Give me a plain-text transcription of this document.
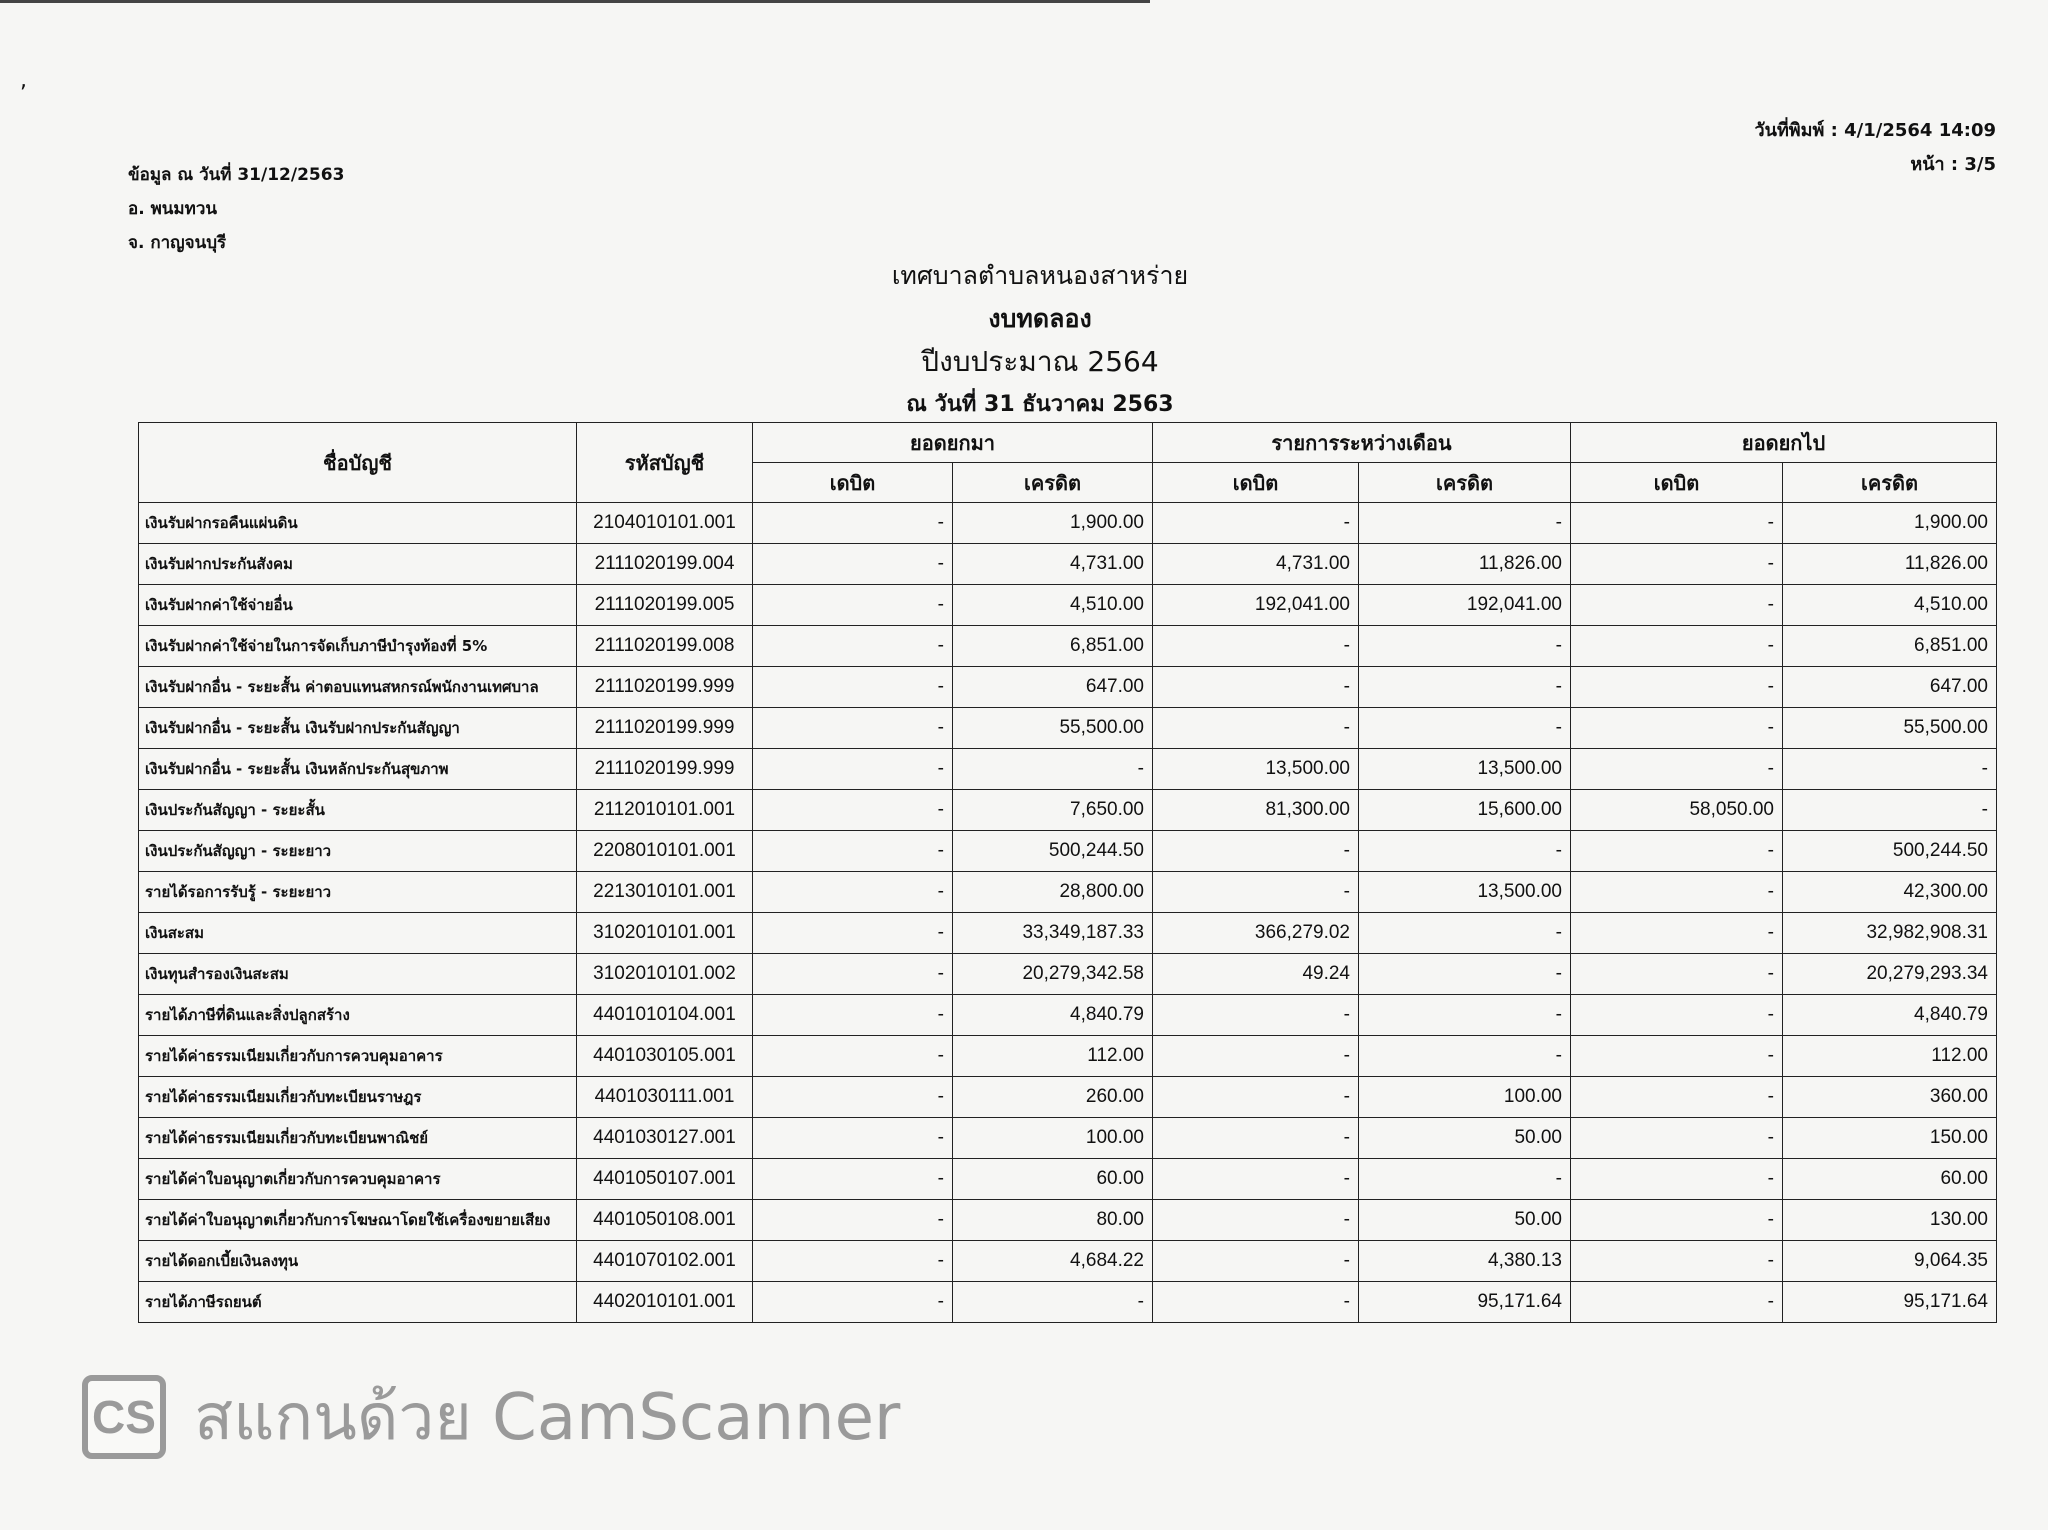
,
ข้อมูล ณ วันที่ 31/12/2563
อ. พนมทวน
จ. กาญจนบุรี
วันที่พิมพ์ : 4/1/2564 14:09
หน้า : 3/5
เทศบาลตำบลหนองสาหร่าย
งบทดลอง
ปีงบประมาณ 2564
ณ วันที่ 31 ธันวาคม 2563
ชื่อบัญชี	รหัสบัญชี	ยอดยกมา		รายการระหว่างเดือน		ยอดยกไป	
		เดบิต	เครดิต	เดบิต	เครดิต	เดบิต	เครดิต
เงินรับฝากรอคืนแผ่นดิน	2104010101.001	-	1,900.00	-	-	-	1,900.00
เงินรับฝากประกันสังคม	2111020199.004	-	4,731.00	4,731.00	11,826.00	-	11,826.00
เงินรับฝากค่าใช้จ่ายอื่น	2111020199.005	-	4,510.00	192,041.00	192,041.00	-	4,510.00
เงินรับฝากค่าใช้จ่ายในการจัดเก็บภาษีบำรุงท้องที่ 5%	2111020199.008	-	6,851.00	-	-	-	6,851.00
เงินรับฝากอื่น - ระยะสั้น ค่าตอบแทนสหกรณ์พนักงานเทศบาล	2111020199.999	-	647.00	-	-	-	647.00
เงินรับฝากอื่น - ระยะสั้น เงินรับฝากประกันสัญญา	2111020199.999	-	55,500.00	-	-	-	55,500.00
เงินรับฝากอื่น - ระยะสั้น เงินหลักประกันสุขภาพ	2111020199.999	-	-	13,500.00	13,500.00	-	-
เงินประกันสัญญา - ระยะสั้น	2112010101.001	-	7,650.00	81,300.00	15,600.00	58,050.00	-
เงินประกันสัญญา - ระยะยาว	2208010101.001	-	500,244.50	-	-	-	500,244.50
รายได้รอการรับรู้ - ระยะยาว	2213010101.001	-	28,800.00	-	13,500.00	-	42,300.00
เงินสะสม	3102010101.001	-	33,349,187.33	366,279.02	-	-	32,982,908.31
เงินทุนสำรองเงินสะสม	3102010101.002	-	20,279,342.58	49.24	-	-	20,279,293.34
รายได้ภาษีที่ดินและสิ่งปลูกสร้าง	4401010104.001	-	4,840.79	-	-	-	4,840.79
รายได้ค่าธรรมเนียมเกี่ยวกับการควบคุมอาคาร	4401030105.001	-	112.00	-	-	-	112.00
รายได้ค่าธรรมเนียมเกี่ยวกับทะเบียนราษฎร	4401030111.001	-	260.00	-	100.00	-	360.00
รายได้ค่าธรรมเนียมเกี่ยวกับทะเบียนพาณิชย์	4401030127.001	-	100.00	-	50.00	-	150.00
รายได้ค่าใบอนุญาตเกี่ยวกับการควบคุมอาคาร	4401050107.001	-	60.00	-	-	-	60.00
รายได้ค่าใบอนุญาตเกี่ยวกับการโฆษณาโดยใช้เครื่องขยายเสียง	4401050108.001	-	80.00	-	50.00	-	130.00
รายได้ดอกเบี้ยเงินลงทุน	4401070102.001	-	4,684.22	-	4,380.13	-	9,064.35
รายได้ภาษีรถยนต์	4402010101.001	-	-	-	95,171.64	-	95,171.64
CS สแกนด้วย CamScanner
